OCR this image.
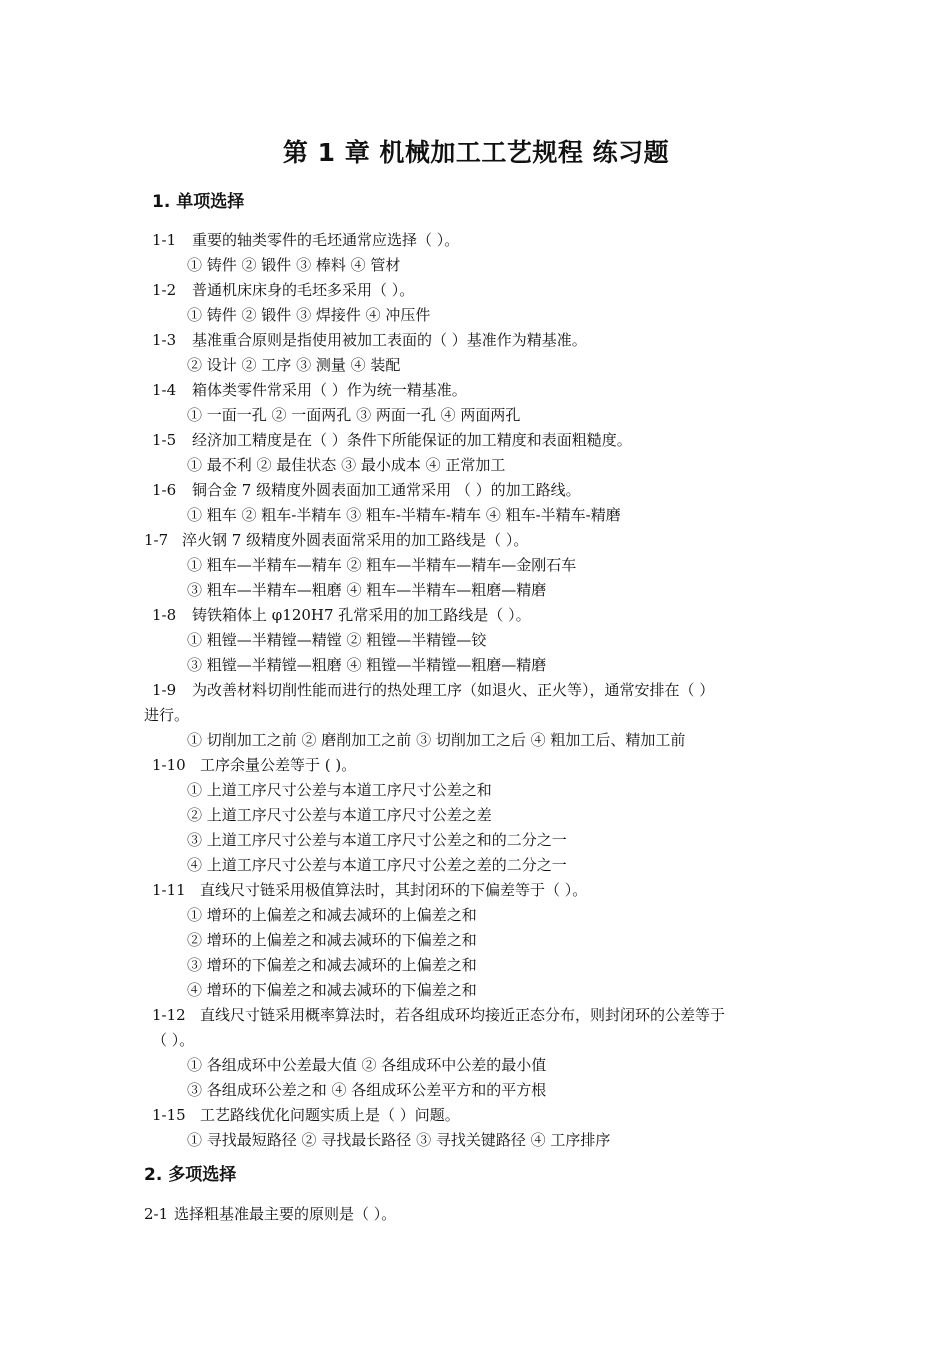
第 1 章 机械加工工艺规程 练习题
1. 单项选择
1-1 重要的轴类零件的毛坯通常应选择（ ）。
① 铸件 ② 锻件 ③ 棒料 ④ 管材
1-2 普通机床床身的毛坯多采用（ ）。
① 铸件 ② 锻件 ③ 焊接件 ④ 冲压件
1-3 基准重合原则是指使用被加工表面的（ ）基准作为精基准。
② 设计 ② 工序 ③ 测量 ④ 装配
1-4 箱体类零件常采用（ ）作为统一精基准。
① 一面一孔 ② 一面两孔 ③ 两面一孔 ④ 两面两孔
1-5 经济加工精度是在（ ）条件下所能保证的加工精度和表面粗糙度。
① 最不利 ② 最佳状态 ③ 最小成本 ④ 正常加工
1-6 铜合金 7 级精度外圆表面加工通常采用 （ ）的加工路线。
① 粗车 ② 粗车-半精车 ③ 粗车-半精车-精车 ④ 粗车-半精车-精磨
1-7 淬火钢 7 级精度外圆表面常采用的加工路线是（ ）。
① 粗车—半精车—精车 ② 粗车—半精车—精车—金刚石车
③ 粗车—半精车—粗磨 ④ 粗车—半精车—粗磨—精磨
1-8 铸铁箱体上 φ120H7 孔常采用的加工路线是（ ）。
① 粗镗—半精镗—精镗 ② 粗镗—半精镗—铰
③ 粗镗—半精镗—粗磨 ④ 粗镗—半精镗—粗磨—精磨
1-9 为改善材料切削性能而进行的热处理工序（如退火、正火等），通常安排在（ ）
进行。
① 切削加工之前 ② 磨削加工之前 ③ 切削加工之后 ④ 粗加工后、精加工前
1-10 工序余量公差等于 ( )。
① 上道工序尺寸公差与本道工序尺寸公差之和
② 上道工序尺寸公差与本道工序尺寸公差之差
③ 上道工序尺寸公差与本道工序尺寸公差之和的二分之一
④ 上道工序尺寸公差与本道工序尺寸公差之差的二分之一
1-11 直线尺寸链采用极值算法时，其封闭环的下偏差等于（ ）。
① 增环的上偏差之和减去减环的上偏差之和
② 增环的上偏差之和减去减环的下偏差之和
③ 增环的下偏差之和减去减环的上偏差之和
④ 增环的下偏差之和减去减环的下偏差之和
1-12 直线尺寸链采用概率算法时，若各组成环均接近正态分布，则封闭环的公差等于
（ ）。
① 各组成环中公差最大值 ② 各组成环中公差的最小值
③ 各组成环公差之和 ④ 各组成环公差平方和的平方根
1-15 工艺路线优化问题实质上是（ ）问题。
① 寻找最短路径 ② 寻找最长路径 ③ 寻找关键路径 ④ 工序排序
2. 多项选择
2-1 选择粗基准最主要的原则是（ ）。
